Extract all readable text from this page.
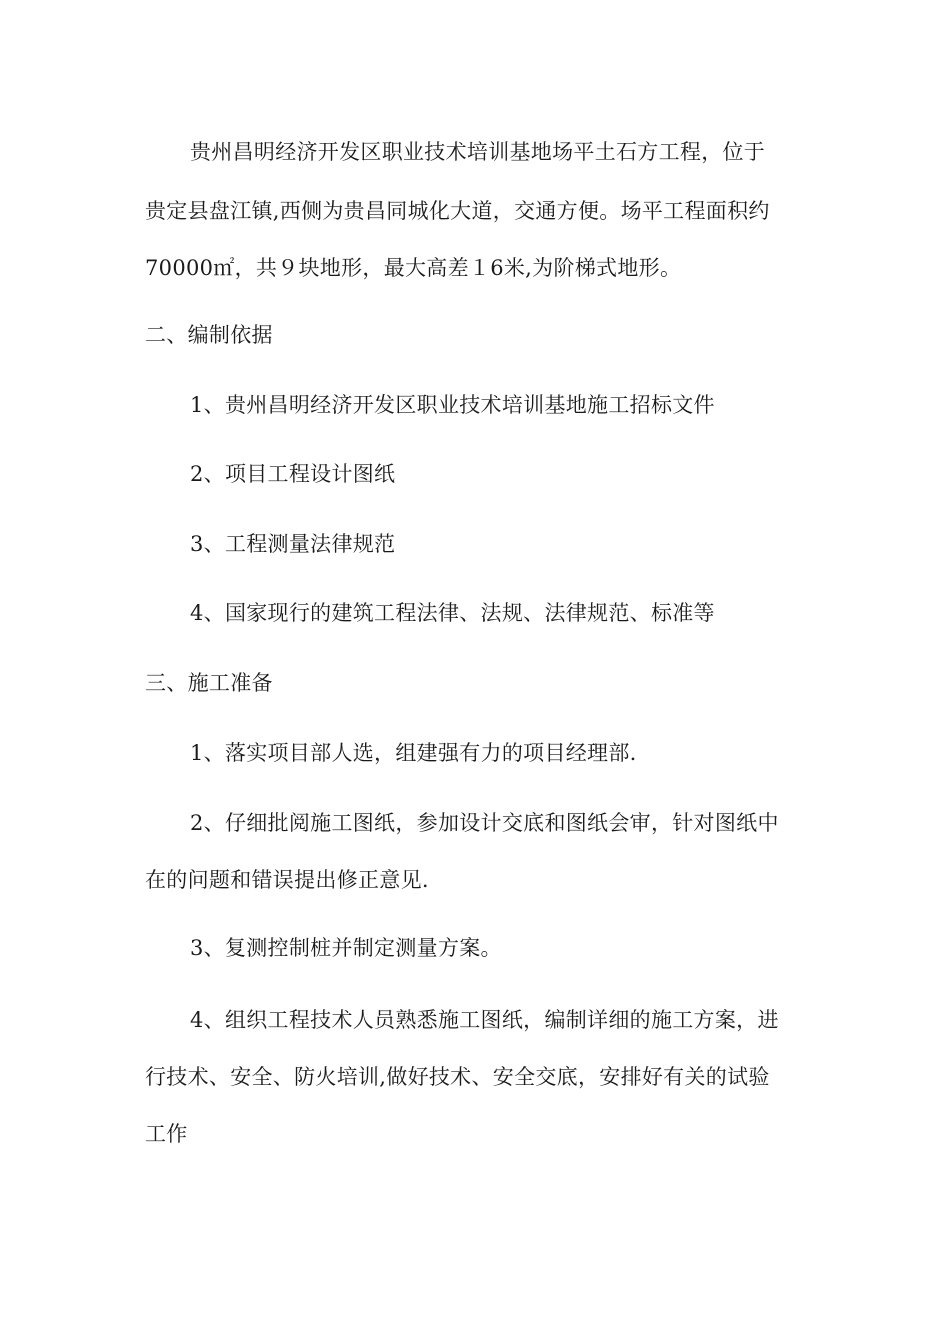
贵州昌明经济开发区职业技术培训基地场平土石方工程，位于
贵定县盘江镇,西侧为贵昌同城化大道，交通方便。场平工程面积约
70000㎡，共９块地形，最大高差１6米,为阶梯式地形。
二、编制依据
1、贵州昌明经济开发区职业技术培训基地施工招标文件
2、项目工程设计图纸
3、工程测量法律规范
4、国家现行的建筑工程法律、法规、法律规范、标准等
三、施工准备
1、落实项目部人选，组建强有力的项目经理部.
2、仔细批阅施工图纸，参加设计交底和图纸会审，针对图纸中
在的问题和错误提出修正意见.
3、复测控制桩并制定测量方案。
4、组织工程技术人员熟悉施工图纸，编制详细的施工方案，进
行技术、安全、防火培训,做好技术、安全交底，安排好有关的试验
工作
